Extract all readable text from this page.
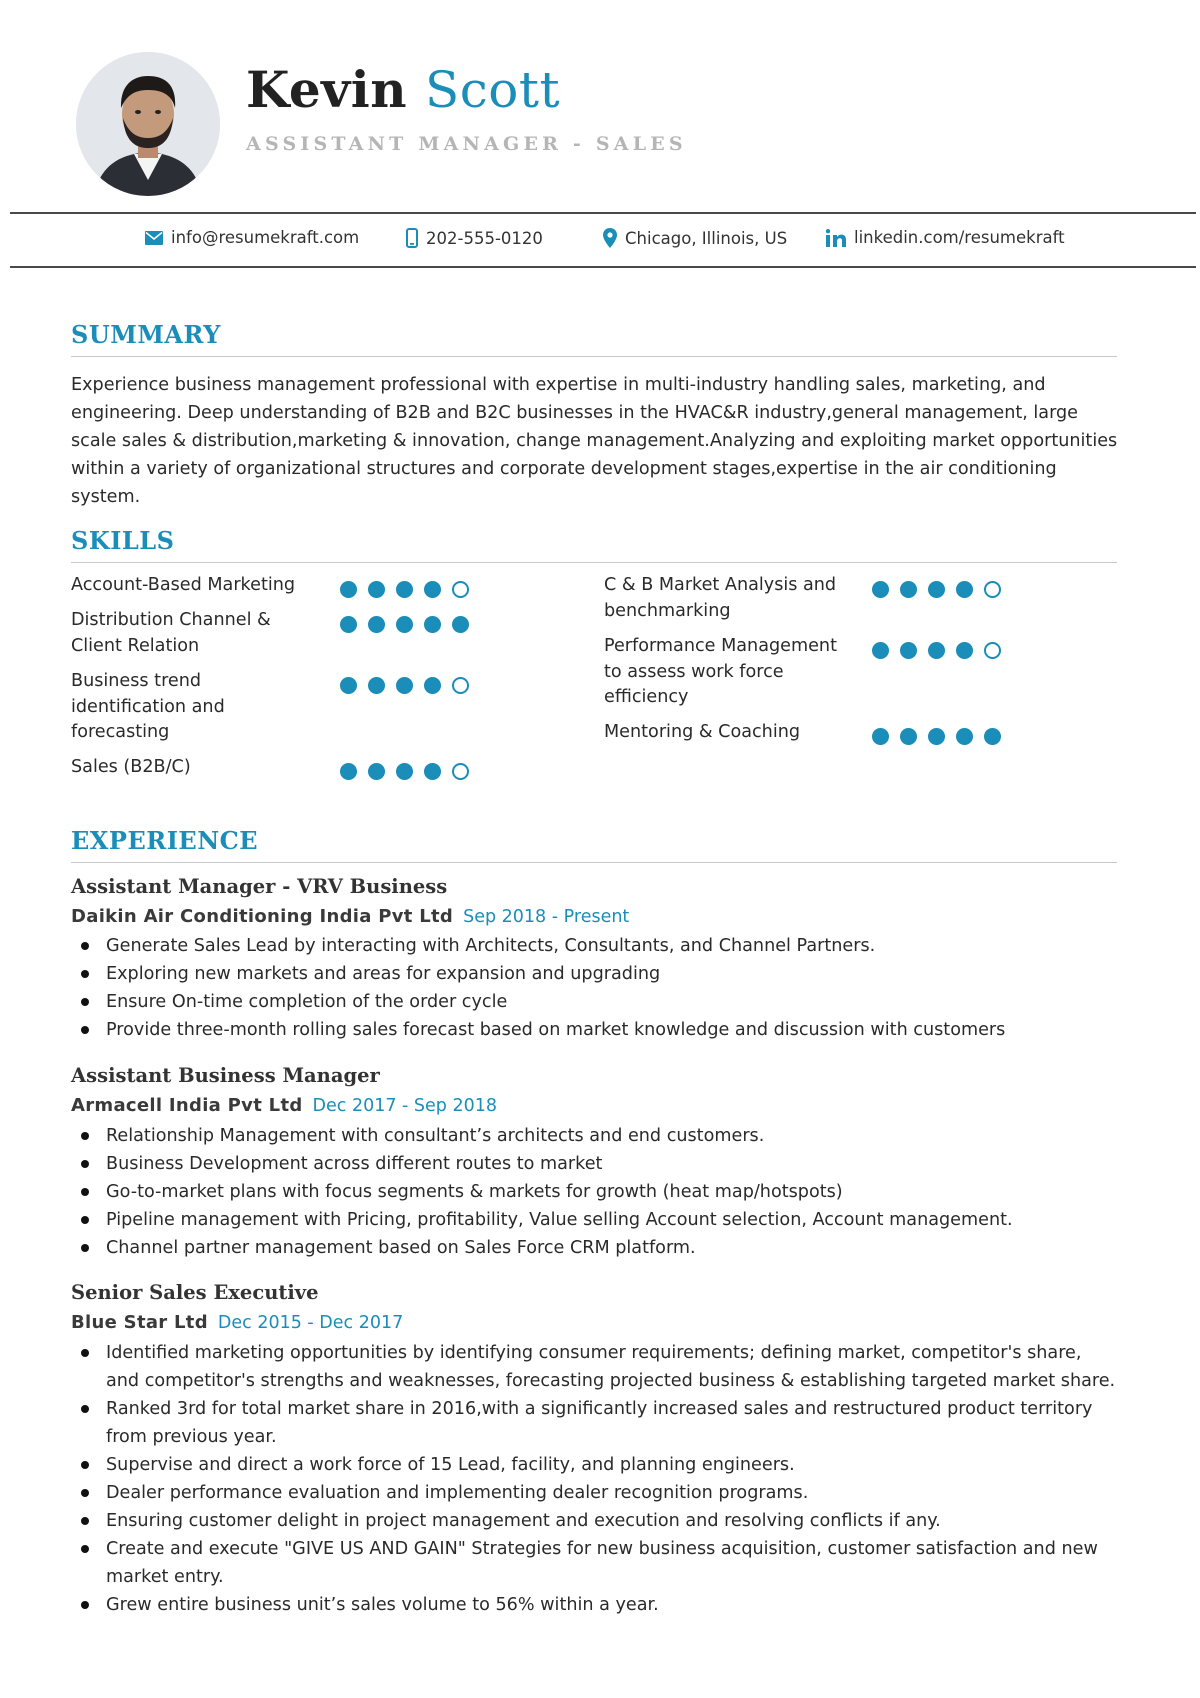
Kevin Scott
ASSISTANT MANAGER - SALES
info@resumekraft.com	202-555-0120	Chicago, Illinois, US	linkedin.com/resumekraft
SUMMARY
Experience business management professional with expertise in multi-industry handling sales, marketing, and engineering. Deep understanding of B2B and B2C businesses in the HVAC&R industry,general management, large scale sales & distribution,marketing & innovation, change management.Analyzing and exploiting market opportunities within a variety of organizational structures and corporate development stages,expertise in the air conditioning system.
SKILLS
Account-Based Marketing
Distribution Channel & Client Relation
Business trend identification and forecasting
Sales (B2B/C)
C & B Market Analysis and benchmarking
Performance Management to assess work force efficiency
Mentoring & Coaching
EXPERIENCE
Assistant Manager - VRV Business
Daikin Air Conditioning India Pvt Ltd Sep 2018 - Present
Generate Sales Lead by interacting with Architects, Consultants, and Channel Partners.
Exploring new markets and areas for expansion and upgrading
Ensure On-time completion of the order cycle
Provide three-month rolling sales forecast based on market knowledge and discussion with customers
Assistant Business Manager
Armacell India Pvt Ltd Dec 2017 - Sep 2018
Relationship Management with consultant’s architects and end customers.
Business Development across different routes to market
Go-to-market plans with focus segments & markets for growth (heat map/hotspots)
Pipeline management with Pricing, profitability, Value selling Account selection, Account management.
Channel partner management based on Sales Force CRM platform.
Senior Sales Executive
Blue Star Ltd Dec 2015 - Dec 2017
Identified marketing opportunities by identifying consumer requirements; defining market, competitor's share, and competitor's strengths and weaknesses, forecasting projected business & establishing targeted market share.
Ranked 3rd for total market share in 2016,with a significantly increased sales and restructured product territory from previous year.
Supervise and direct a work force of 15 Lead, facility, and planning engineers.
Dealer performance evaluation and implementing dealer recognition programs.
Ensuring customer delight in project management and execution and resolving conflicts if any.
Create and execute "GIVE US AND GAIN" Strategies for new business acquisition, customer satisfaction and new market entry.
Grew entire business unit’s sales volume to 56% within a year.
